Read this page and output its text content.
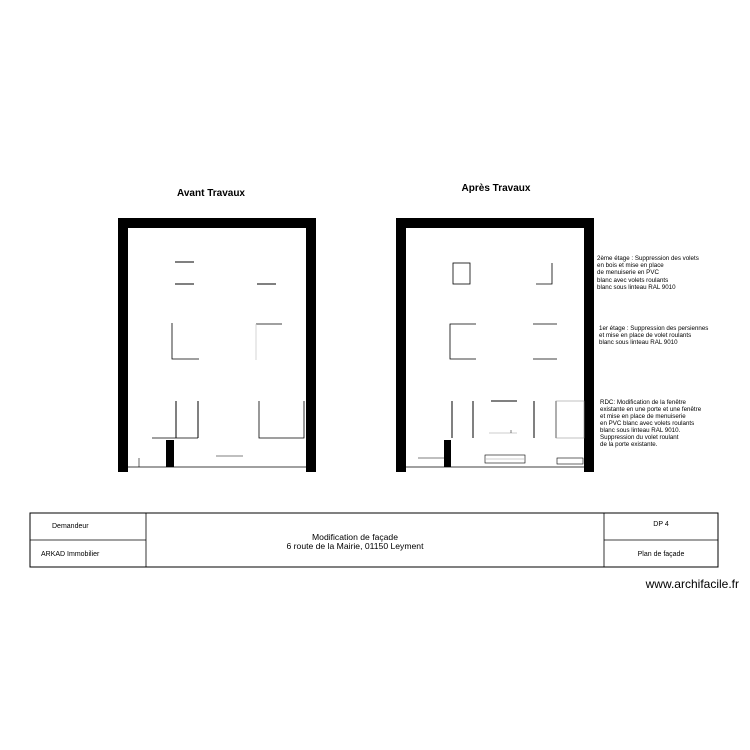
Avant Travaux	Après Travaux
2ème étage : Suppression des volets en bois et mise en place de menuiserie en PVC blanc avec volets roulants blanc sous linteau RAL 9010
1er étage : Suppression des persiennes et mise en place de volet roulants blanc sous linteau RAL 9010
RDC: Modification de la fenêtre existante en une porte et une fenêtre et mise en place de menuiserie en PVC blanc avec volets roulants blanc sous linteau RAL 9010. Suppression du volet roulant de la porte existante.
Demandeur
ARKAD Immobilier
Modification de façade
6 route de la Mairie, 01150 Leyment
DP 4
Plan de façade
www.archifacile.fr
